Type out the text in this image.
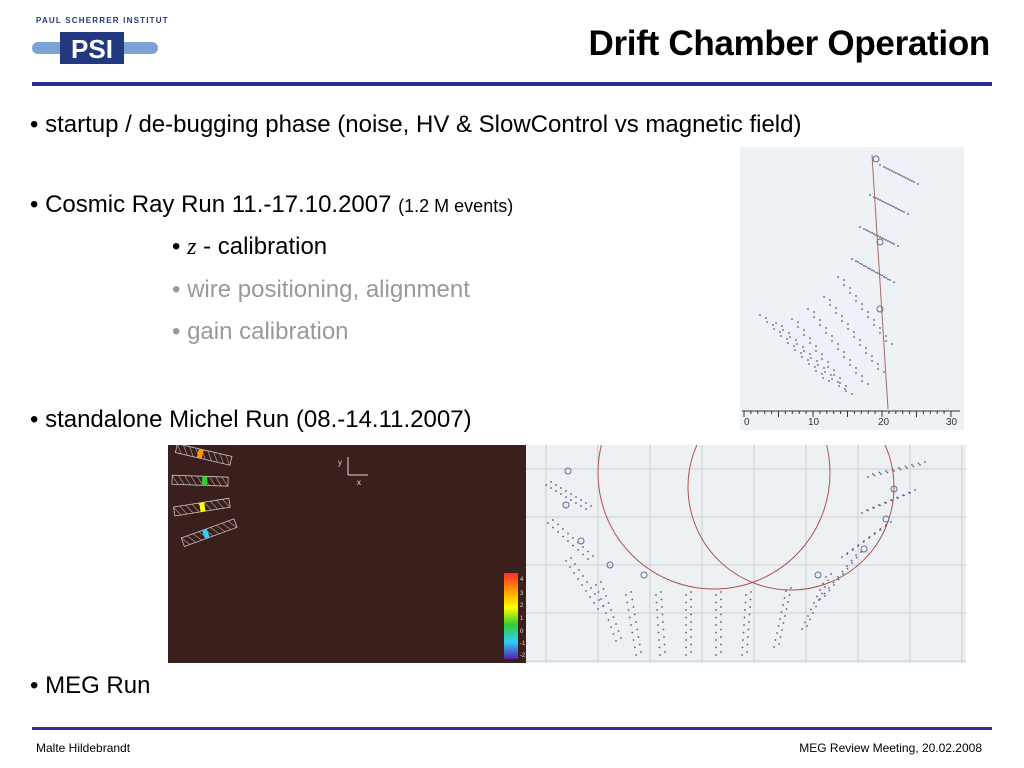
PSI
PAUL SCHERRER INSTITUT
Drift Chamber Operation
• startup / de-bugging phase (noise, HV & SlowControl vs magnetic field)
• Cosmic Ray Run 11.-17.10.2007 (1.2 M events)
• z - calibration
• wire positioning, alignment
• gain calibration
• standalone Michel Run (08.-14.11.2007)
• MEG Run
0	10	20	30
y
x
4
3
2
1
0
-1
-2
Malte Hildebrandt	MEG Review Meeting, 20.02.2008
